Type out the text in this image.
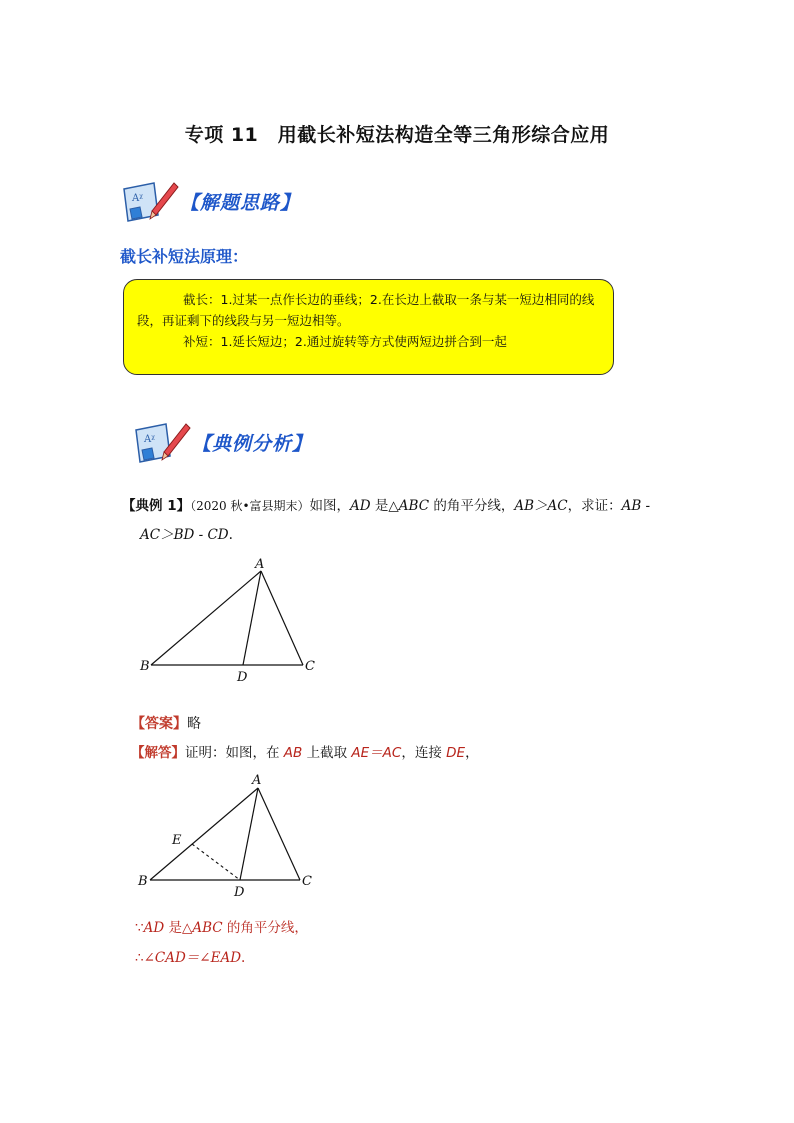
专项 11　用截长补短法构造全等三角形综合应用
Aᵡ 【解题思路】
截长补短法原理：

截长：1.过某一点作长边的垂线；2.在长边上截取一条与某一短边相同的线段，再证剩下的线段与另一短边相等。

补短：1.延长短边；2.通过旋转等方式使两短边拼合到一起

Aᵡ 【典例分析】
【典例 1】（2020 秋•富县期末）如图，AD 是△ABC 的角平分线，AB＞AC，求证：AB -
AC＞BD - CD.
A
B	C
D
【答案】略
【解答】证明：如图，在 AB 上截取 AE＝AC，连接 DE，
A
B	C
D
E
∵AD 是△ABC 的角平分线，
∴∠CAD＝∠EAD.
